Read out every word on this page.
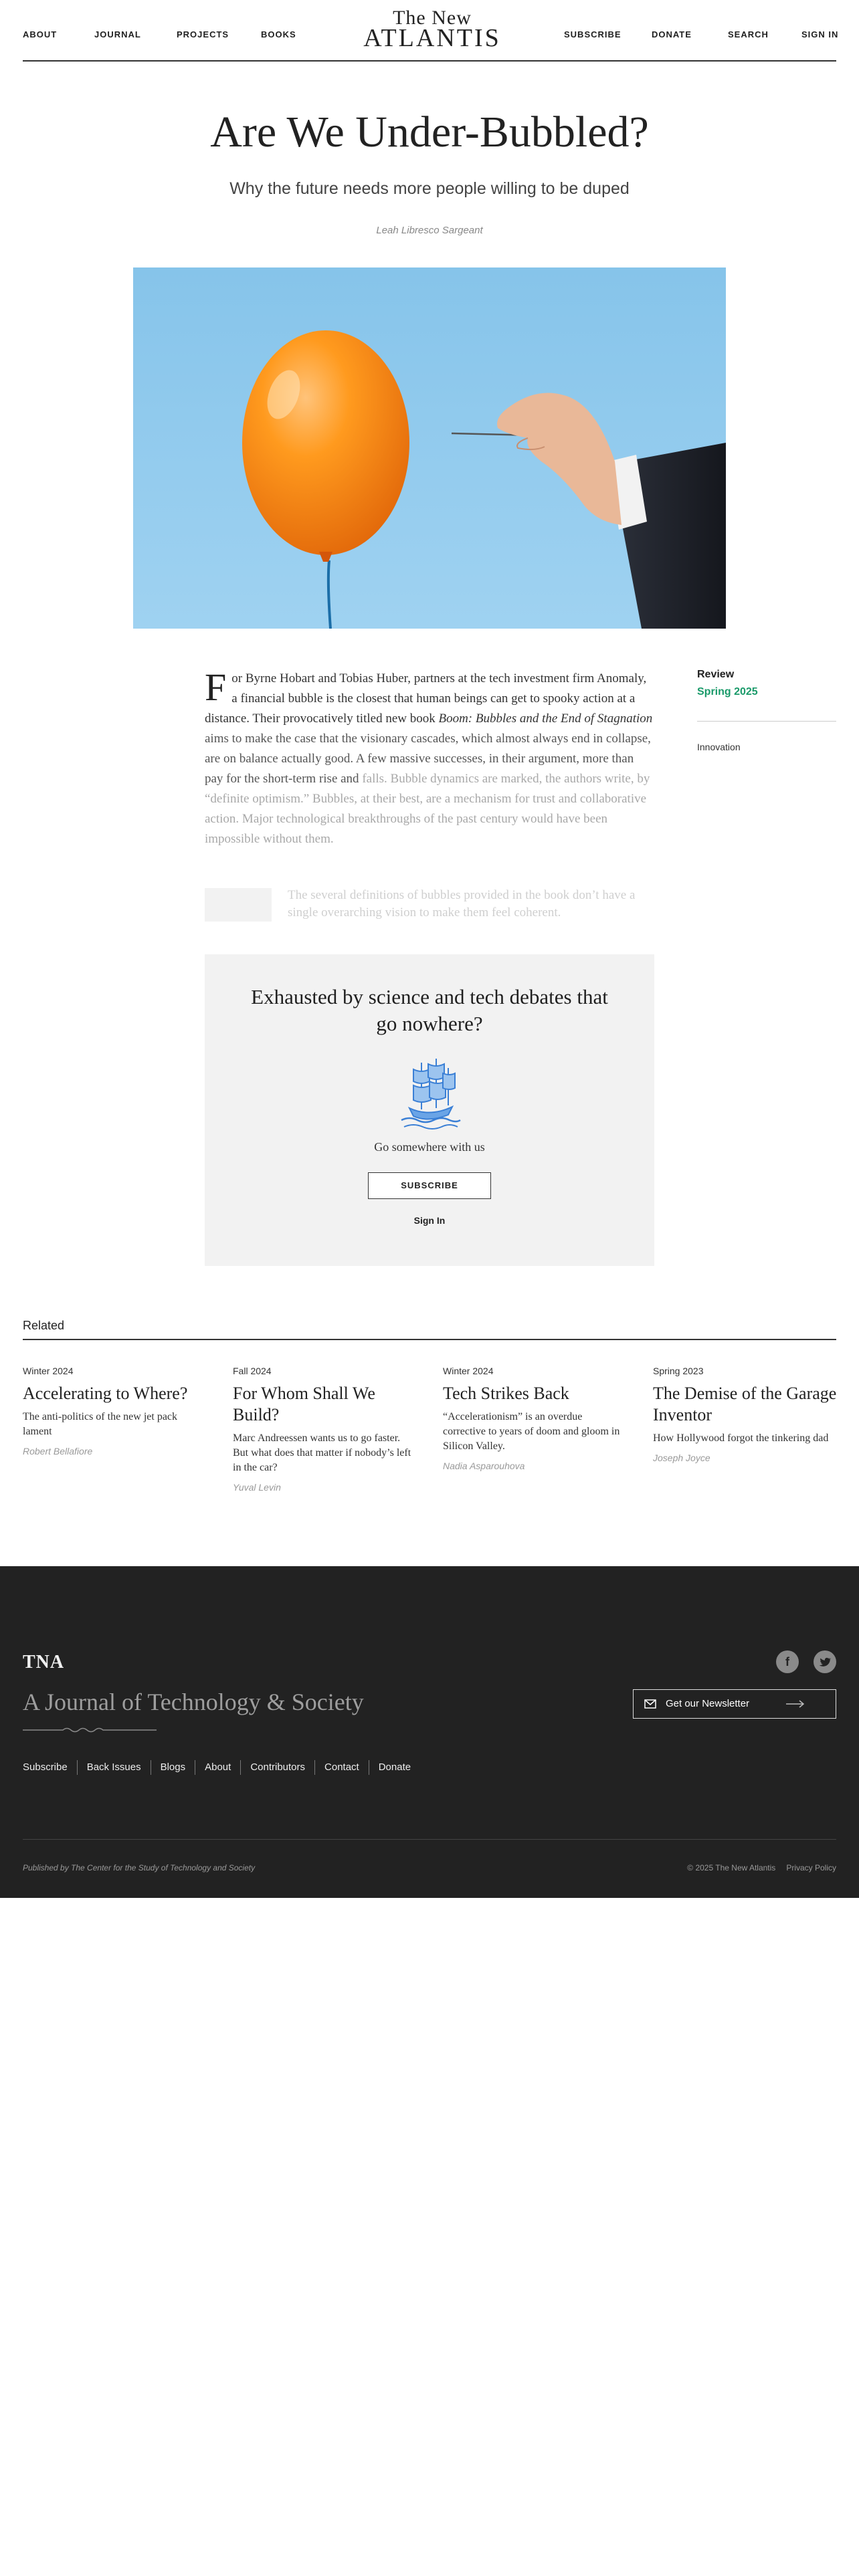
ABOUT	JOURNAL	PROJECTS	BOOKS
The New
ATLANTIS	SUBSCRIBE	DONATE	SEARCH	SIGN IN
Are We Under-Bubbled?
Why the future needs more people willing to be duped
Leah Libresco Sargeant
F or Byrne Hobart and Tobias Huber, partners at the tech investment firm Anomaly, a financial bubble is the closest that human beings can get to spooky action at a distance. Their provocatively titled new book Boom: Bubbles and the End of Stagnation aims to make the case that the visionary cascades, which almost always end in collapse, are on balance actually good. A few massive successes, in their argument, more than pay for the short-term rise and falls. Bubble dynamics are marked, the authors write, by “definite optimism.” Bubbles, at their best, are a mechanism for trust and collaborative action. Major technological breakthroughs of the past century would have been impossible without them.

The several definitions of bubbles provided in the book don’t have a single overarching vision to make them feel coherent.
Review
Spring 2025
Innovation
Exhausted by science and tech debates that go nowhere?
Go somewhere with us
SUBSCRIBE
Sign In
Related
Winter 2024
Accelerating to Where?
The anti-politics of the new jet pack lament
Robert Bellafiore
Fall 2024
For Whom Shall We Build?
Marc Andreessen wants us to go faster. But what does that matter if nobody’s left in the car?
Yuval Levin
Winter 2024
Tech Strikes Back
“Accelerationism” is an overdue corrective to years of doom and gloom in Silicon Valley.
Nadia Asparouhova
Spring 2023
The Demise of the Garage Inventor
How Hollywood forgot the tinkering dad
Joseph Joyce
TNA
A Journal of Technology & Society
Subscribe	Back Issues	Blogs	About	Contributors	Contact	Donate
f
Get our Newsletter
Published by The Center for the Study of Technology and Society	© 2025 The New Atlantis Privacy Policy
